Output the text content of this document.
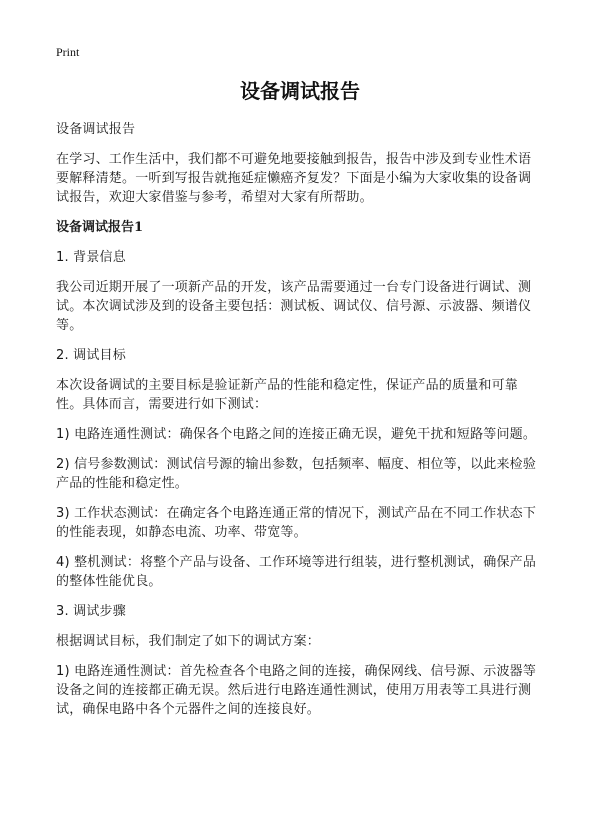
Print
设备调试报告

设备调试报告

在学习、工作生活中，我们都不可避免地要接触到报告，报告中涉及到专业性术语要解释清楚。一听到写报告就拖延症懒癌齐复发？下面是小编为大家收集的设备调试报告，欢迎大家借鉴与参考，希望对大家有所帮助。

设备调试报告1

1. 背景信息

我公司近期开展了一项新产品的开发，该产品需要通过一台专门设备进行调试、测试。本次调试涉及到的设备主要包括：测试板、调试仪、信号源、示波器、频谱仪等。

2. 调试目标

本次设备调试的主要目标是验证新产品的性能和稳定性，保证产品的质量和可靠性。具体而言，需要进行如下测试：

1) 电路连通性测试：确保各个电路之间的连接正确无误，避免干扰和短路等问题。

2) 信号参数测试：测试信号源的输出参数，包括频率、幅度、相位等，以此来检验产品的性能和稳定性。

3) 工作状态测试：在确定各个电路连通正常的情况下，测试产品在不同工作状态下的性能表现，如静态电流、功率、带宽等。

4) 整机测试：将整个产品与设备、工作环境等进行组装，进行整机测试，确保产品的整体性能优良。

3. 调试步骤

根据调试目标，我们制定了如下的调试方案：

1) 电路连通性测试：首先检查各个电路之间的连接，确保网线、信号源、示波器等设备之间的连接都正确无误。然后进行电路连通性测试，使用万用表等工具进行测试，确保电路中各个元器件之间的连接良好。
